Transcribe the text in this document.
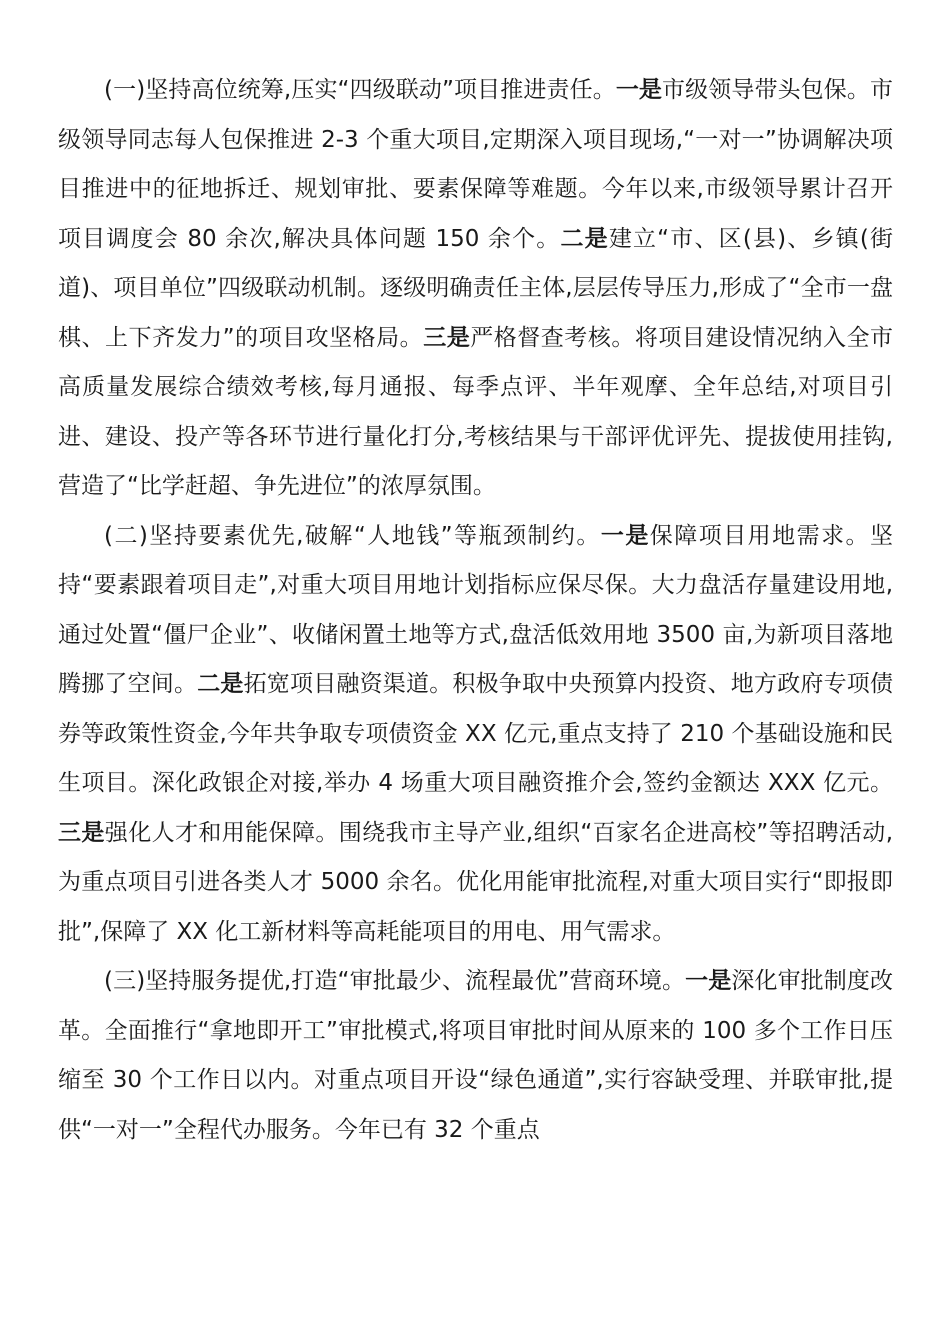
(一)坚持高位统筹,压实“四级联动”项目推进责任。一是市级领导带头包保。市级领导同志每人包保推进 2-3 个重大项目,定期深入项目现场,“一对一”协调解决项目推进中的征地拆迁、规划审批、要素保障等难题。今年以来,市级领导累计召开项目调度会 80 余次,解决具体问题 150 余个。二是建立“市、区(县)、乡镇(街道)、项目单位”四级联动机制。逐级明确责任主体,层层传导压力,形成了“全市一盘棋、上下齐发力”的项目攻坚格局。三是严格督查考核。将项目建设情况纳入全市高质量发展综合绩效考核,每月通报、每季点评、半年观摩、全年总结,对项目引进、建设、投产等各环节进行量化打分,考核结果与干部评优评先、提拔使用挂钩,营造了“比学赶超、争先进位”的浓厚氛围。

(二)坚持要素优先,破解“人地钱”等瓶颈制约。一是保障项目用地需求。坚持“要素跟着项目走”,对重大项目用地计划指标应保尽保。大力盘活存量建设用地,通过处置“僵尸企业”、收储闲置土地等方式,盘活低效用地 3500 亩,为新项目落地腾挪了空间。二是拓宽项目融资渠道。积极争取中央预算内投资、地方政府专项债券等政策性资金,今年共争取专项债资金 XX 亿元,重点支持了 210 个基础设施和民生项目。深化政银企对接,举办 4 场重大项目融资推介会,签约金额达 XXX 亿元。三是强化人才和用能保障。围绕我市主导产业,组织“百家名企进高校”等招聘活动,为重点项目引进各类人才 5000 余名。优化用能审批流程,对重大项目实行“即报即批”,保障了 XX 化工新材料等高耗能项目的用电、用气需求。

(三)坚持服务提优,打造“审批最少、流程最优”营商环境。一是深化审批制度改革。全面推行“拿地即开工”审批模式,将项目审批时间从原来的 100 多个工作日压缩至 30 个工作日以内。对重点项目开设“绿色通道”,实行容缺受理、并联审批,提供“一对一”全程代办服务。今年已有 32 个重点
